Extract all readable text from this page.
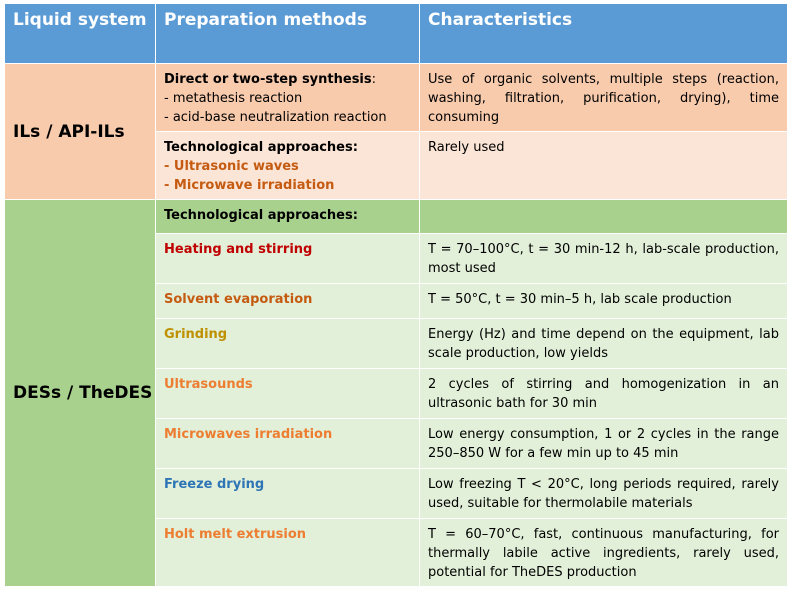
Liquid system	Preparation methods	Characteristics
ILs / API-ILs	Direct or two-step synthesis:
- metathesis reaction
- acid-base neutralization reaction	Use of organic solvents, multiple steps (reaction, washing, filtration, purification, drying), time consuming

	Technological approaches:
- Ultrasonic waves
- Microwave irradiation	Rarely used
DESs / TheDES	Technological approaches:	
	Heating and stirring	T = 70–100°C, t = 30 min-12 h, lab-scale production, most used
	Solvent evaporation	T = 50°C, t = 30 min–5 h, lab scale production
	Grinding	Energy (Hz) and time depend on the equipment, lab scale production, low yields
	Ultrasounds	2 cycles of stirring and homogenization in an ultrasonic bath for 30 min
	Microwaves irradiation	Low energy consumption, 1 or 2 cycles in the range 250–850 W for a few min up to 45 min
	Freeze drying	Low freezing T < 20°C, long periods required, rarely used, suitable for thermolabile materials
	Holt melt extrusion	T = 60–70°C, fast, continuous manufacturing, for thermally labile active ingredients, rarely used, potential for TheDES production
